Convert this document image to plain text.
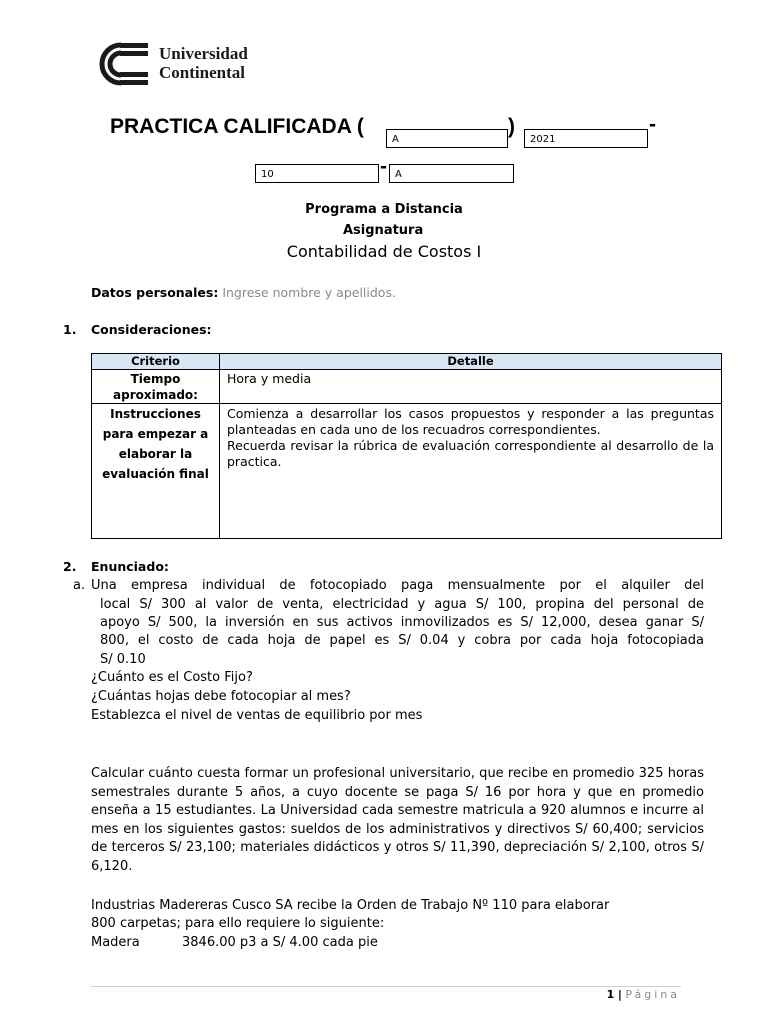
Universidad
Continental
PRACTICA CALIFICADA (
A
)
2021
-
10	- A
Programa a Distancia
Asignatura
Contabilidad de Costos I
Datos personales: Ingrese nombre y apellidos.
1. Consideraciones:
Criterio	Detalle
Tiempo aproximado:	Hora y media
Instrucciones para empezar a elaborar la evaluación final	Comienza a desarrollar los casos propuestos y responder a las preguntas planteadas en cada uno de los recuadros correspondientes.
Recuerda revisar la rúbrica de evaluación correspondiente al desarrollo de la practica.
2. Enunciado:
a. Una empresa individual de fotocopiado paga mensualmente por el alquiler del
local S/ 300 al valor de venta, electricidad y agua S/ 100, propina del personal de
apoyo S/ 500, la inversión en sus activos inmovilizados es S/ 12,000, desea ganar S/
800, el costo de cada hoja de papel es S/ 0.04 y cobra por cada hoja fotocopiada
S/ 0.10
¿Cuánto es el Costo Fijo?
¿Cuántas hojas debe fotocopiar al mes?
Establezca el nivel de ventas de equilibrio por mes
Calcular cuánto cuesta formar un profesional universitario, que recibe en promedio 325 horas semestrales durante 5 años, a cuyo docente se paga S/ 16 por hora y que en promedio enseña a 15 estudiantes. La Universidad cada semestre matricula a 920 alumnos e incurre al mes en los siguientes gastos: sueldos de los administrativos y directivos S/ 60,400; servicios de terceros S/ 23,100; materiales didácticos y otros S/ 11,390, depreciación S/ 2,100, otros S/ 6,120.
Industrias Madereras Cusco SA recibe la Orden de Trabajo Nº 110 para elaborar
800 carpetas; para ello requiere lo siguiente:
Madera	3846.00 p3 a S/ 4.00 cada pie
1 | Página
